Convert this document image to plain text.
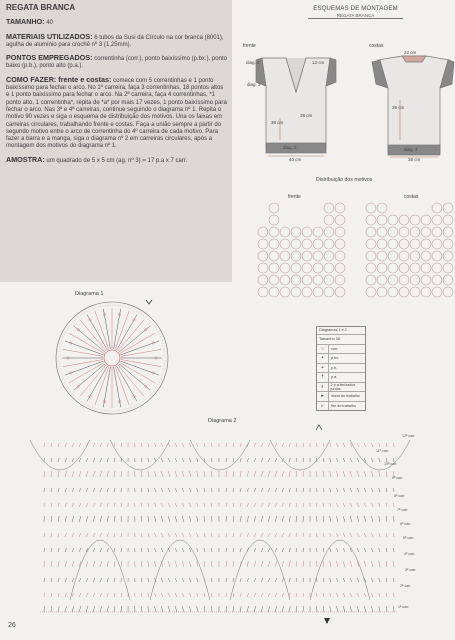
REGATA BRANCA
TAMANHO: 40
MATERIAIS UTILIZADOS: 6 tubos da Susi da Círculo na cor branca (8001), agulha de alumínio para crochê nº 3 (1,25mm).
PONTOS EMPREGADOS: correntinha (corr.), ponto baixíssimo (p.bx.), ponto baixo (p.b.), ponto alto (p.a.).
COMO FAZER: frente e costas: comece com 5 correntinhas e 1 ponto baixíssimo para fechar o arco. No 1º carreira, faça 3 correntinhas, 18 pontos altos e 1 ponto baixíssimo para fechar o arco. Na 2ª carreira, faça 4 correntinhas, *1 ponto alto, 1 correntinha*, repita de *a* por mais 17 vezes, 1 ponto baixíssimo para fechar o arco. Nas 3ª e 4ª carreiras, continue seguindo o diagrama nº 1. Repita o motivo 90 vezes e siga o esquema de distribuição dos motivos. Una os faixas em carreiras circulares, trabalhando frente e costas. Faça a união sempre a partir do segundo motivo entre o arco de correntinha do 4º carreira de cada motivo. Para fazer a barra e a manga, siga o diagrama nº 2 em carreiras circulares, após a montagem dos motivos do diagrama nº 1.
AMOSTRA: um quadrado de 5 x 5 cm (ag. nº 3) = 17 p.a x 7 carr.
ESQUEMAS DE MONTAGEM
REGATA BRANCA
frente	costas
diag. 2	12 cm
diag. 2
38 cm
diag. 2
40 cm
22 cm
38 cm
diag. 2
38 cm
38 cm
Distribuição dos motivos
frente	costas
Diagrama 1
Diagramas 1 e 2
Tamanho 38
○	corr.
•	p.bx.
+	p.b.
†	p.a.
⫲	2 p.a.fechados juntos
▸	início do trabalho
▹	fim do trabalho
Diagrama 2
12ª carr.
11ª carr.
10ª carr.
9ª carr.
8ª carr.
7ª carr.
6ª carr.
5ª carr.
4ª carr.
3ª carr.
2ª carr.
1ª carr.
26
